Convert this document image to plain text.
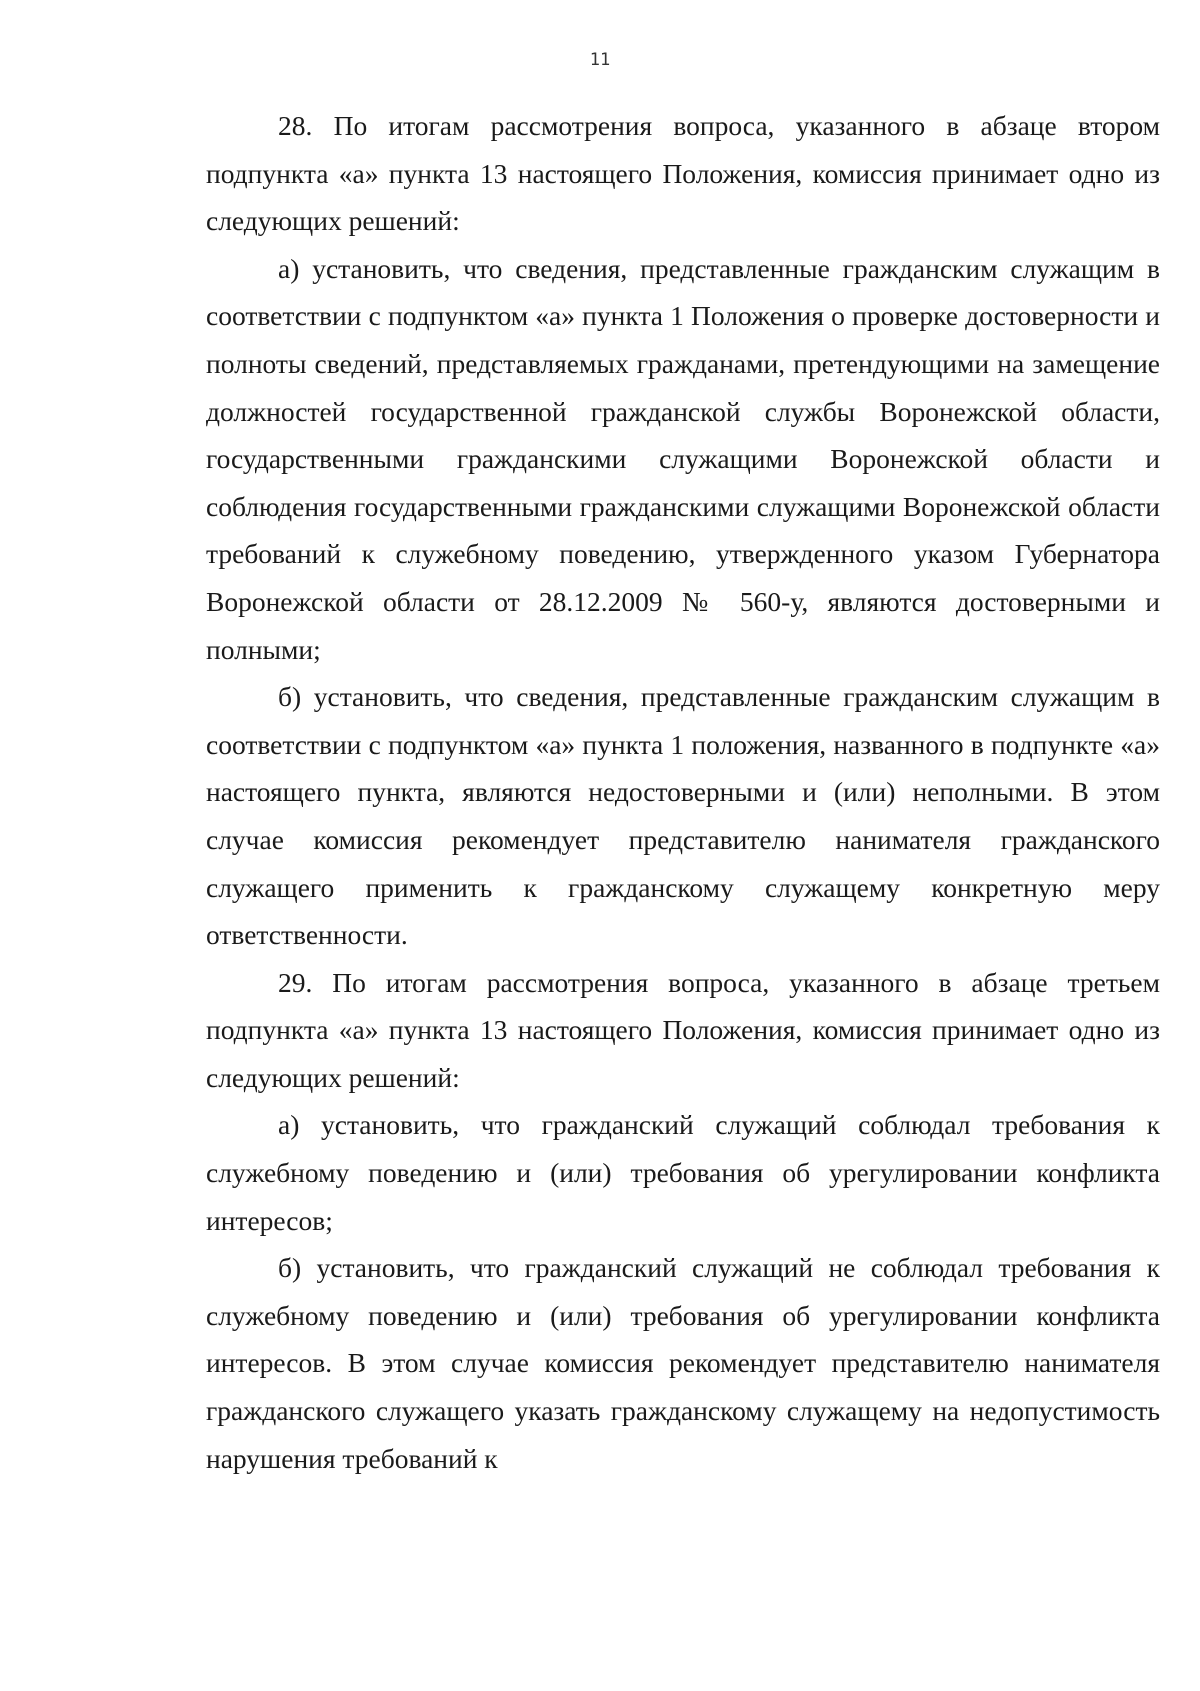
11

28. По итогам рассмотрения вопроса, указанного в абзаце втором подпункта «а» пункта 13 настоящего Положения, комиссия принимает одно из следующих решений:

а) установить, что сведения, представленные гражданским служащим в соответствии с подпунктом «а» пункта 1 Положения о проверке достоверности и полноты сведений, представляемых гражданами, претендующими на замещение должностей государственной гражданской службы Воронежской области, государственными гражданскими служащими Воронежской области и соблюдения государственными гражданскими служащими Воронежской области требований к служебному поведению, утвержденного указом Губернатора Воронежской области от 28.12.2009 № 560-у, являются достоверными и полными;

б) установить, что сведения, представленные гражданским служащим в соответствии с подпунктом «а» пункта 1 положения, названного в подпункте «а» настоящего пункта, являются недостоверными и (или) неполными. В этом случае комиссия рекомендует представителю нанимателя гражданского служащего применить к гражданскому служащему конкретную меру ответственности.

29. По итогам рассмотрения вопроса, указанного в абзаце третьем подпункта «а» пункта 13 настоящего Положения, комиссия принимает одно из следующих решений:

а) установить, что гражданский служащий соблюдал требования к служебному поведению и (или) требования об урегулировании конфликта интересов;

б) установить, что гражданский служащий не соблюдал требования к служебному поведению и (или) требования об урегулировании конфликта интересов. В этом случае комиссия рекомендует представителю нанимателя гражданского служащего указать гражданскому служащему на недопустимость нарушения требований к
